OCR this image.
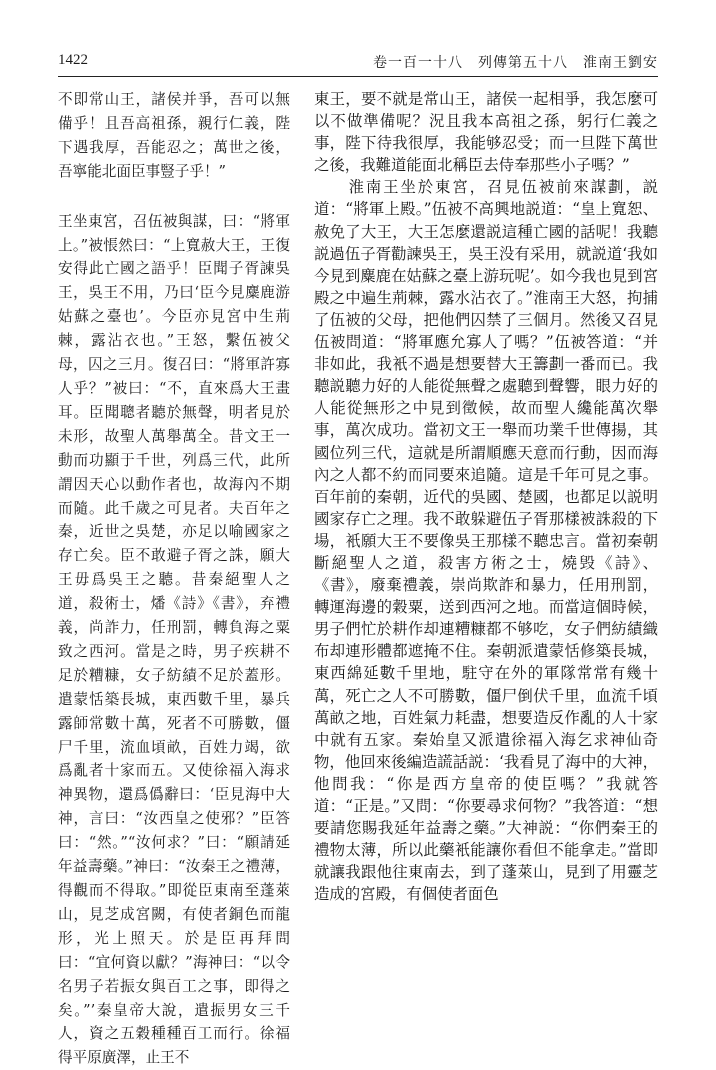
1422	卷一百一十八　列傳第五十八　淮南王劉安

不即常山王，諸侯并爭，吾可以無備乎！且吾高祖孫，親行仁義，陛下遇我厚，吾能忍之；萬世之後，吾寧能北面臣事豎子乎！”

王坐東宮，召伍被與謀，曰：“將軍上。”被悵然曰：“上寬赦大王，王復安得此亡國之語乎！臣聞子胥諫吳王，吳王不用，乃曰‘臣今見麋鹿游姑蘇之臺也’。今臣亦見宮中生荊棘，露沾衣也。”王怒，繫伍被父母，囚之三月。復召曰：“將軍許寡人乎？”被曰：“不，直來爲大王畫耳。臣聞聰者聽於無聲，明者見於未形，故聖人萬舉萬全。昔文王一動而功顯于千世，列爲三代，此所謂因天心以動作者也，故海內不期而隨。此千歲之可見者。夫百年之秦，近世之吳楚，亦足以喻國家之存亡矣。臣不敢避子胥之誅，願大王毋爲吳王之聽。昔秦絕聖人之道，殺術士，燔《詩》《書》，弃禮義，尚詐力，任刑罰，轉負海之粟致之西河。當是之時，男子疾耕不足於糟糠，女子紡績不足於蓋形。遣蒙恬築長城，東西數千里，暴兵露師常數十萬，死者不可勝數，僵尸千里，流血頃畝，百姓力竭，欲爲亂者十家而五。又使徐福入海求神異物，還爲僞辭曰：‘臣見海中大神，言曰：“汝西皇之使邪？”臣答曰：“然。”“汝何求？”曰：“願請延年益壽藥。”神曰：“汝秦王之禮薄，得觀而不得取。”即從臣東南至蓬萊山，見芝成宮闕，有使者銅色而龍形，光上照天。於是臣再拜問曰：“宜何資以獻？”海神曰：“以令名男子若振女與百工之事，即得之矣。”’秦皇帝大說，遣振男女三千人，資之五穀種種百工而行。徐福得平原廣澤，止王不

東王，要不就是常山王，諸侯一起相爭，我怎麼可以不做準備呢？況且我本高祖之孫，躬行仁義之事，陛下待我很厚，我能够忍受；而一旦陛下萬世之後，我難道能面北稱臣去侍奉那些小子嗎？”

　　淮南王坐於東宮，召見伍被前來謀劃，説道：“將軍上殿。”伍被不高興地説道：“皇上寬恕、赦免了大王，大王怎麼還説這種亡國的話呢！我聽説過伍子胥勸諫吳王，吳王没有采用，就説道‘我如今見到麋鹿在姑蘇之臺上游玩呢’。如今我也見到宮殿之中遍生荊棘，露水沾衣了。”淮南王大怒，拘捕了伍被的父母，把他們囚禁了三個月。然後又召見伍被問道：“將軍應允寡人了嗎？”伍被答道：“并非如此，我衹不過是想要替大王籌劃一番而已。我聽説聽力好的人能從無聲之處聽到聲響，眼力好的人能從無形之中見到徵候，故而聖人纔能萬次舉事，萬次成功。當初文王一舉而功業千世傳揚，其國位列三代，這就是所謂順應天意而行動，因而海內之人都不約而同要來追隨。這是千年可見之事。百年前的秦朝，近代的吳國、楚國，也都足以説明國家存亡之理。我不敢躲避伍子胥那樣被誅殺的下場，衹願大王不要像吳王那樣不聽忠言。當初秦朝斷絕聖人之道，殺害方術之士，燒毁《詩》、《書》，廢棄禮義，崇尚欺詐和暴力，任用刑罰，轉運海邊的穀粟，送到西河之地。而當這個時候，男子們忙於耕作却連糟糠都不够吃，女子們紡績織布却連形體都遮掩不住。秦朝派遣蒙恬修築長城，東西綿延數千里地，駐守在外的軍隊常常有幾十萬，死亡之人不可勝數，僵尸倒伏千里，血流千頃萬畝之地，百姓氣力耗盡，想要造反作亂的人十家中就有五家。秦始皇又派遣徐福入海乞求神仙奇物，他回來後編造謊話説：‘我看見了海中的大神，他問我：“你是西方皇帝的使臣嗎？”我就答道：“正是。”又問：“你要尋求何物？”我答道：“想要請您賜我延年益壽之藥。”大神説：“你們秦王的禮物太薄，所以此藥衹能讓你看但不能拿走。”當即就讓我跟他往東南去，到了蓬萊山，見到了用靈芝造成的宮殿，有個使者面色
